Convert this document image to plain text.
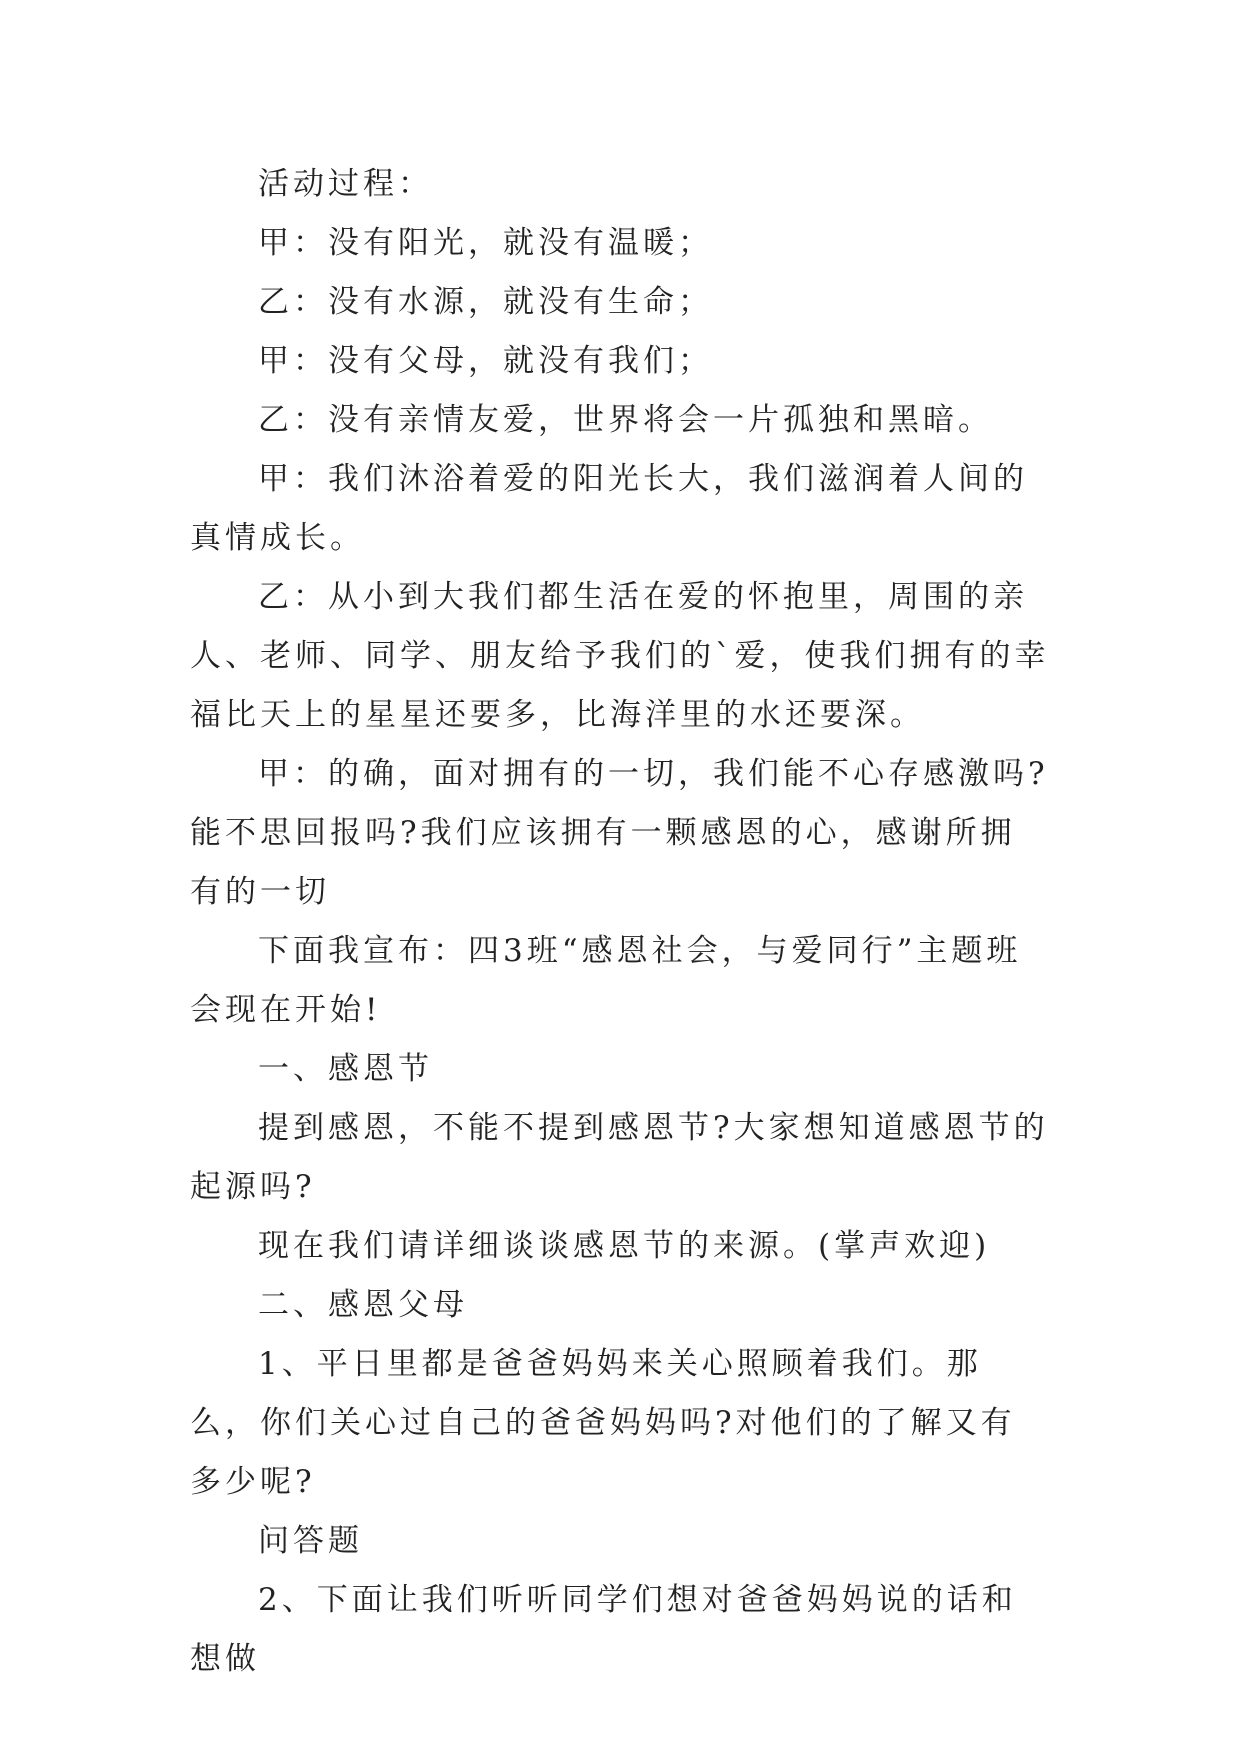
活动过程：

甲：没有阳光，就没有温暖；

乙：没有水源，就没有生命；

甲：没有父母，就没有我们；

乙：没有亲情友爱，世界将会一片孤独和黑暗。

甲：我们沐浴着爱的阳光长大，我们滋润着人间的真情成长。

乙：从小到大我们都生活在爱的怀抱里，周围的亲人、老师、同学、朋友给予我们的`爱，使我们拥有的幸福比天上的星星还要多，比海洋里的水还要深。

甲：的确，面对拥有的一切，我们能不心存感激吗?能不思回报吗?我们应该拥有一颗感恩的心，感谢所拥有的一切

下面我宣布：四3班“感恩社会，与爱同行”主题班会现在开始!

一、感恩节

提到感恩，不能不提到感恩节?大家想知道感恩节的起源吗?

现在我们请详细谈谈感恩节的来源。(掌声欢迎)

二、感恩父母

1、平日里都是爸爸妈妈来关心照顾着我们。那么，你们关心过自己的爸爸妈妈吗?对他们的了解又有多少呢?

问答题

2、下面让我们听听同学们想对爸爸妈妈说的话和想做
